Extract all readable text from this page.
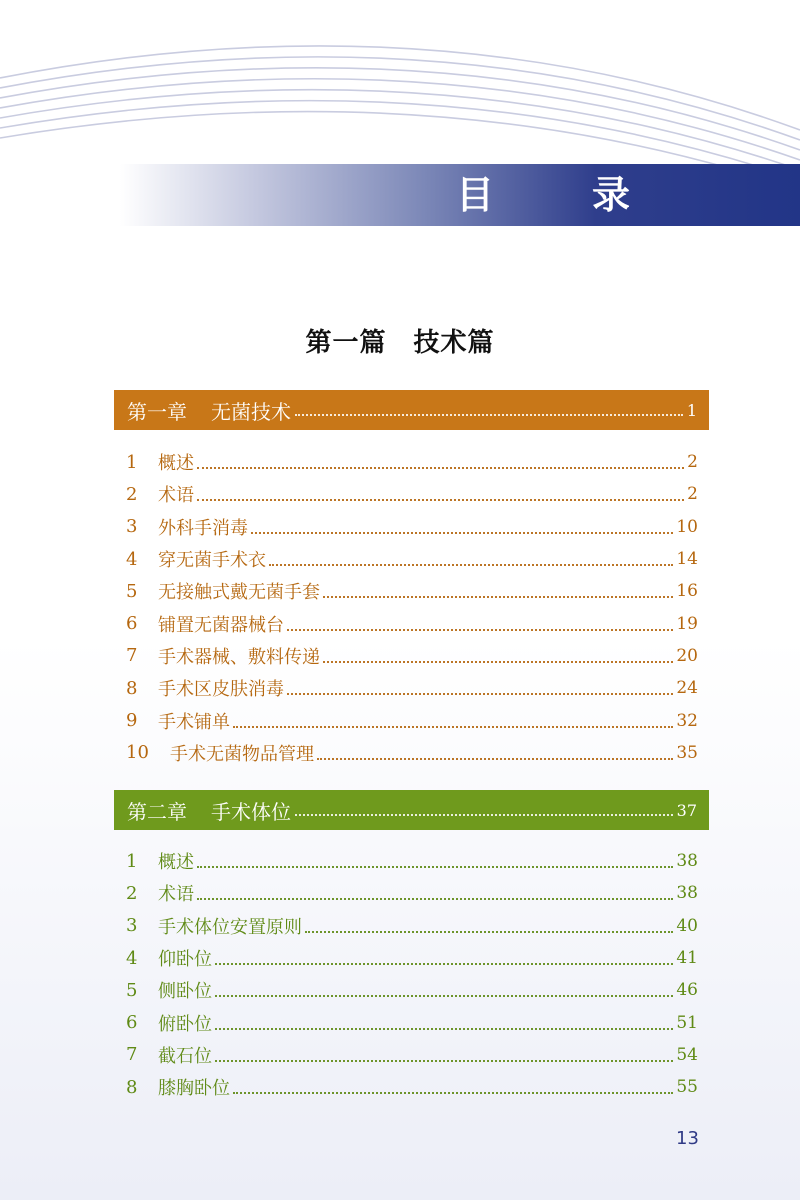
目　录
第一篇　技术篇
第一章 无菌技术	1
1	概述	2
2	术语	2
3	外科手消毒	10
4	穿无菌手术衣	14
5	无接触式戴无菌手套	16
6	铺置无菌器械台	19
7	手术器械、敷料传递	20
8	手术区皮肤消毒	24
9	手术铺单	32
10	手术无菌物品管理	35
第二章 手术体位	37
1	概述	38
2	术语	38
3	手术体位安置原则	40
4	仰卧位	41
5	侧卧位	46
6	俯卧位	51
7	截石位	54
8	膝胸卧位	55
13
